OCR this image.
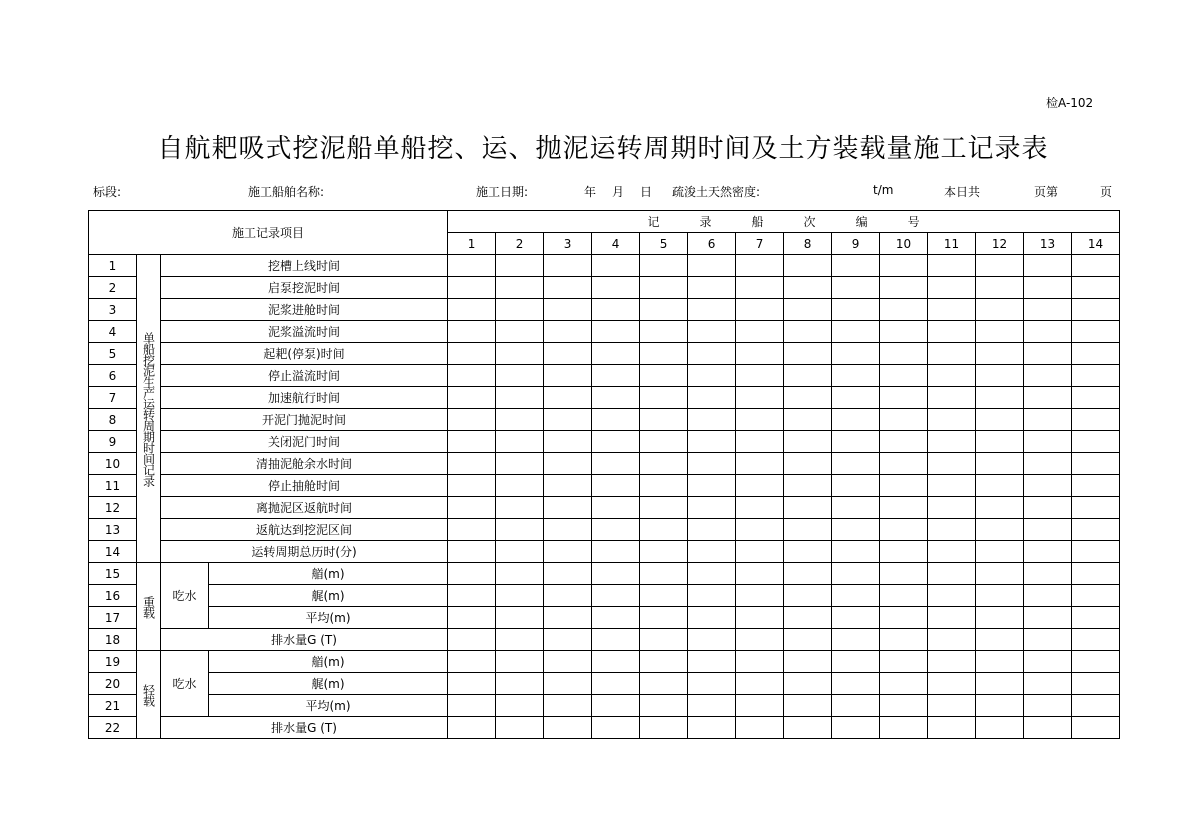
检A-102
自航耙吸式挖泥船单船挖、运、抛泥运转周期时间及土方装载量施工记录表
标段:	施工船舶名称:	施工日期:	年 月 日 疏浚土天然密度:	t/m	本日共	页第	页
施工记录项目				记 录 船 次 编 号													
				1	2	3	4	5	6	7	8	9	10	11	12	13	14
1	单船挖泥生产运转周期时间记录	挖槽上线时间															
2		启泵挖泥时间															
3		泥浆进舱时间															
4		泥浆溢流时间															
5		起耙(停泵)时间															
6		停止溢流时间															
7		加速航行时间															
8		开泥门抛泥时间															
9		关闭泥门时间															
10		清抽泥舱余水时间															
11		停止抽舱时间															
12		离抛泥区返航时间															
13		返航达到挖泥区间															
14		运转周期总历时(分)															
15	重载	吃水	艏(m)														
16			艉(m)														
17			平均(m)														
18		排水量G (T)															
19	轻载	吃水	艏(m)														
20			艉(m)														
21			平均(m)														
22		排水量G (T)															
